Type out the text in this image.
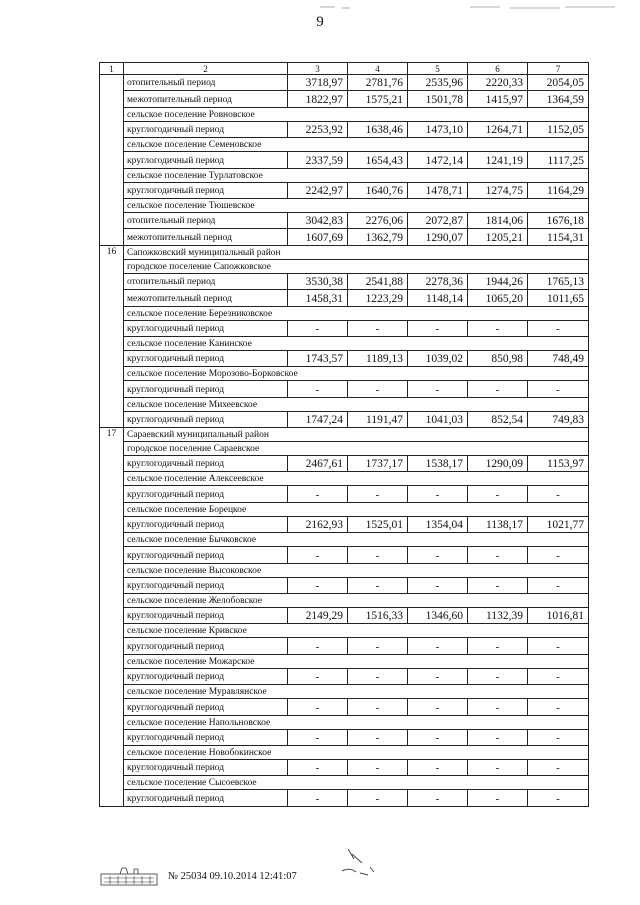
9
1	2	3	4	5	6	7
	отопительный период	3718,97	2781,76	2535,96	2220,33	2054,05
	межотопительный период	1822,97	1575,21	1501,78	1415,97	1364,59
	сельское поселение Ровновское					
	круглогодичный период	2253,92	1638,46	1473,10	1264,71	1152,05
	сельское поселение Семеновское					
	круглогодичный период	2337,59	1654,43	1472,14	1241,19	1117,25
	сельское поселение Турлатовское					
	круглогодичный период	2242,97	1640,76	1478,71	1274,75	1164,29
	сельское поселение Тюшевское					
	отопительный период	3042,83	2276,06	2072,87	1814,06	1676,18
	межотопительный период	1607,69	1362,79	1290,07	1205,21	1154,31
16	Сапожковский муниципальный район					
	городское поселение Сапожковское					
	отопительный период	3530,38	2541,88	2278,36	1944,26	1765,13
	межотопительный период	1458,31	1223,29	1148,14	1065,20	1011,65
	сельское поселение Березниковское					
	круглогодичный период	-	-	-	-	-
	сельское поселение Канинское					
	круглогодичный период	1743,57	1189,13	1039,02	850,98	748,49
	сельское поселение Морозово-Борковское					
	круглогодичный период	-	-	-	-	-
	сельское поселение Михеевское					
	круглогодичный период	1747,24	1191,47	1041,03	852,54	749,83
17	Сараевский муниципальный район					
	городское поселение Сараевское					
	круглогодичный период	2467,61	1737,17	1538,17	1290,09	1153,97
	сельское поселение Алексеевское					
	круглогодичный период	-	-	-	-	-
	сельское поселение Борецкое					
	круглогодичный период	2162,93	1525,01	1354,04	1138,17	1021,77
	сельское поселение Бычковское					
	круглогодичный период	-	-	-	-	-
	сельское поселение Высоковское					
	круглогодичный период	-	-	-	-	-
	сельское поселение Желобовское					
	круглогодичный период	2149,29	1516,33	1346,60	1132,39	1016,81
	сельское поселение Кривское					
	круглогодичный период	-	-	-	-	-
	сельское поселение Можарское					
	круглогодичный период	-	-	-	-	-
	сельское поселение Муравлянское					
	круглогодичный период	-	-	-	-	-
	сельское поселение Напольновское					
	круглогодичный период	-	-	-	-	-
	сельское поселение Новобокинское					
	круглогодичный период	-	-	-	-	-
	сельское поселение Сысоевское					
	круглогодичный период	-	-	-	-	-
№ 25034 09.10.2014 12:41:07
